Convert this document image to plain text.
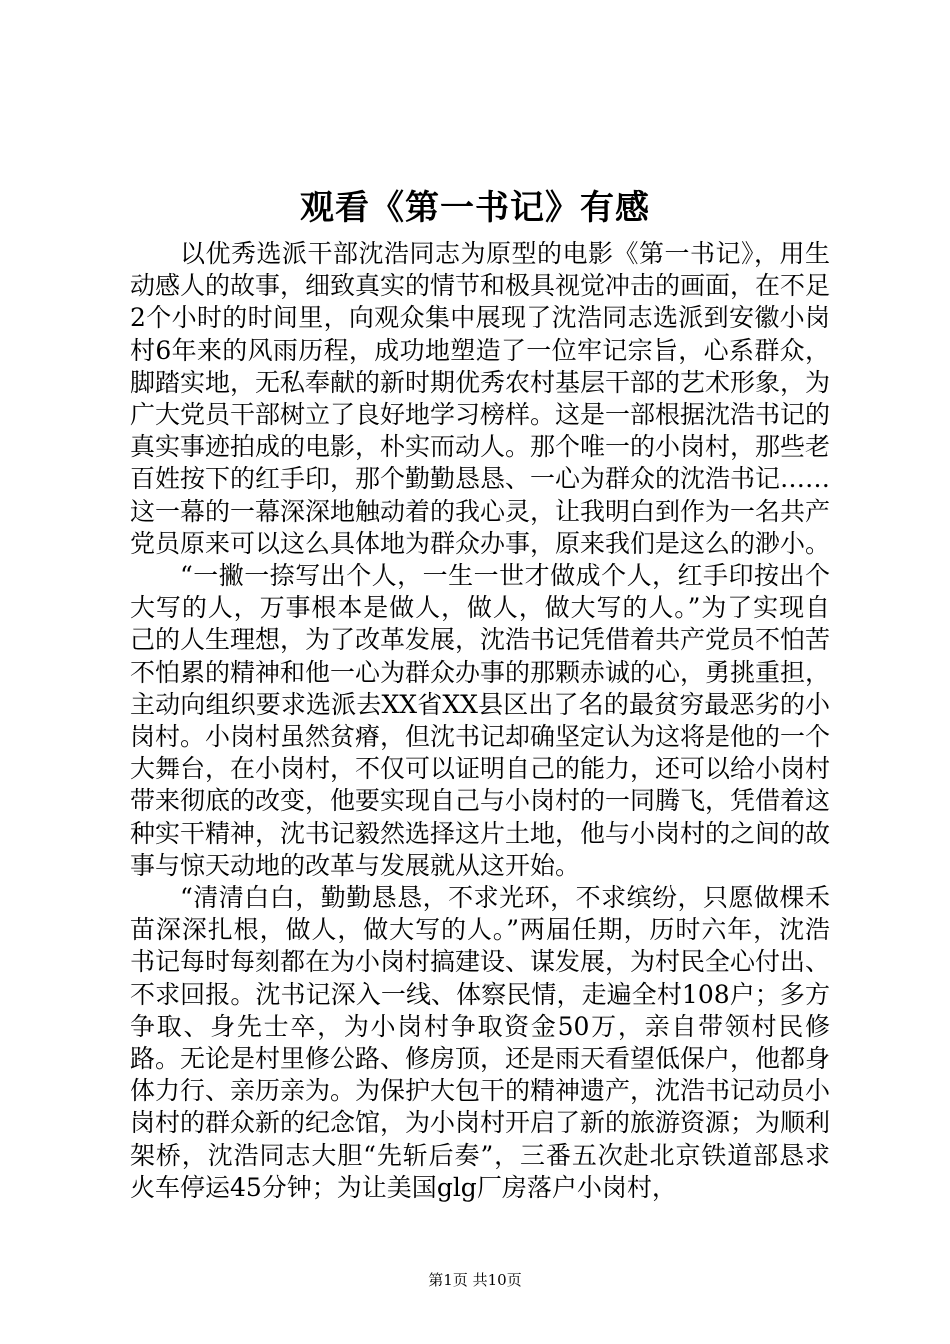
观看《第一书记》有感

以优秀选派干部沈浩同志为原型的电影《第一书记》，用生动感人的故事，细致真实的情节和极具视觉冲击的画面，在不足2个小时的时间里，向观众集中展现了沈浩同志选派到安徽小岗村6年来的风雨历程，成功地塑造了一位牢记宗旨，心系群众，脚踏实地，无私奉献的新时期优秀农村基层干部的艺术形象，为广大党员干部树立了良好地学习榜样。这是一部根据沈浩书记的真实事迹拍成的电影，朴实而动人。那个唯一的小岗村，那些老百姓按下的红手印，那个勤勤恳恳、一心为群众的沈浩书记……这一幕的一幕深深地触动着的我心灵，让我明白到作为一名共产党员原来可以这么具体地为群众办事，原来我们是这么的渺小。

“一撇一捺写出个人，一生一世才做成个人，红手印按出个大写的人，万事根本是做人，做人，做大写的人。”为了实现自己的人生理想，为了改革发展，沈浩书记凭借着共产党员不怕苦不怕累的精神和他一心为群众办事的那颗赤诚的心，勇挑重担，主动向组织要求选派去XX省XX县区出了名的最贫穷最恶劣的小岗村。小岗村虽然贫瘠，但沈书记却确坚定认为这将是他的一个大舞台，在小岗村，不仅可以证明自己的能力，还可以给小岗村带来彻底的改变，他要实现自己与小岗村的一同腾飞，凭借着这种实干精神，沈书记毅然选择这片土地，他与小岗村的之间的故事与惊天动地的改革与发展就从这开始。

“清清白白，勤勤恳恳，不求光环，不求缤纷，只愿做棵禾苗深深扎根，做人，做大写的人。”两届任期，历时六年，沈浩书记每时每刻都在为小岗村搞建设、谋发展，为村民全心付出、不求回报。沈书记深入一线、体察民情，走遍全村108户；多方争取、身先士卒，为小岗村争取资金50万，亲自带领村民修路。无论是村里修公路、修房顶，还是雨天看望低保户，他都身体力行、亲历亲为。为保护大包干的精神遗产，沈浩书记动员小岗村的群众新的纪念馆，为小岗村开启了新的旅游资源；为顺利架桥，沈浩同志大胆“先斩后奏”，三番五次赴北京铁道部恳求火车停运45分钟；为让美国glg厂房落户小岗村，

第1页 共10页
